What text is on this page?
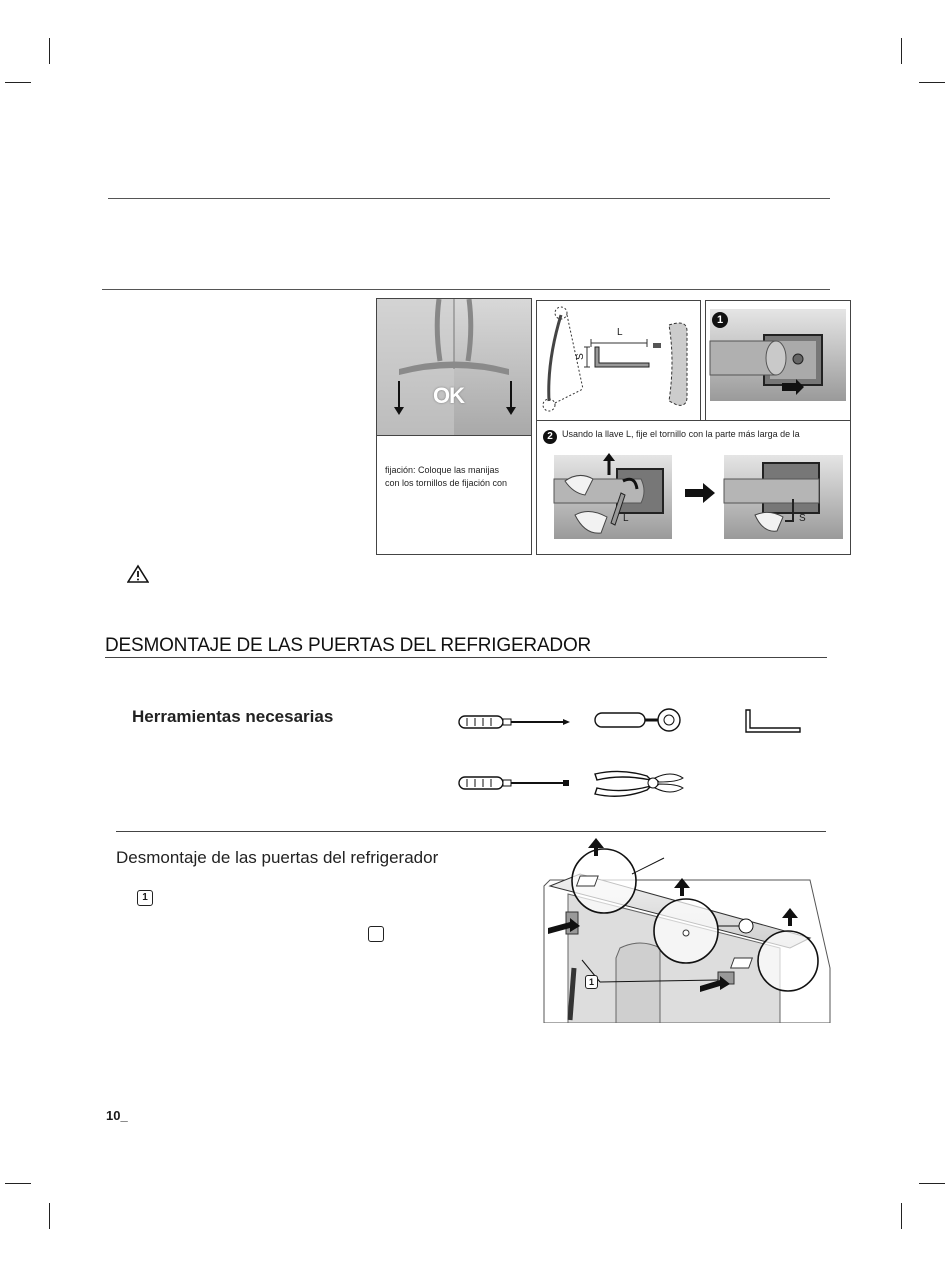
OK
fijación: Coloque las manijas
con los tornillos de fijación con
L
S
1
2	Usando la llave L, fije el tornillo con la parte más larga de la
L	S
DESMONTAJE DE LAS PUERTAS DEL REFRIGERADOR
Herramientas necesarias
Desmontaje de las puertas del refrigerador
1
1
10_
